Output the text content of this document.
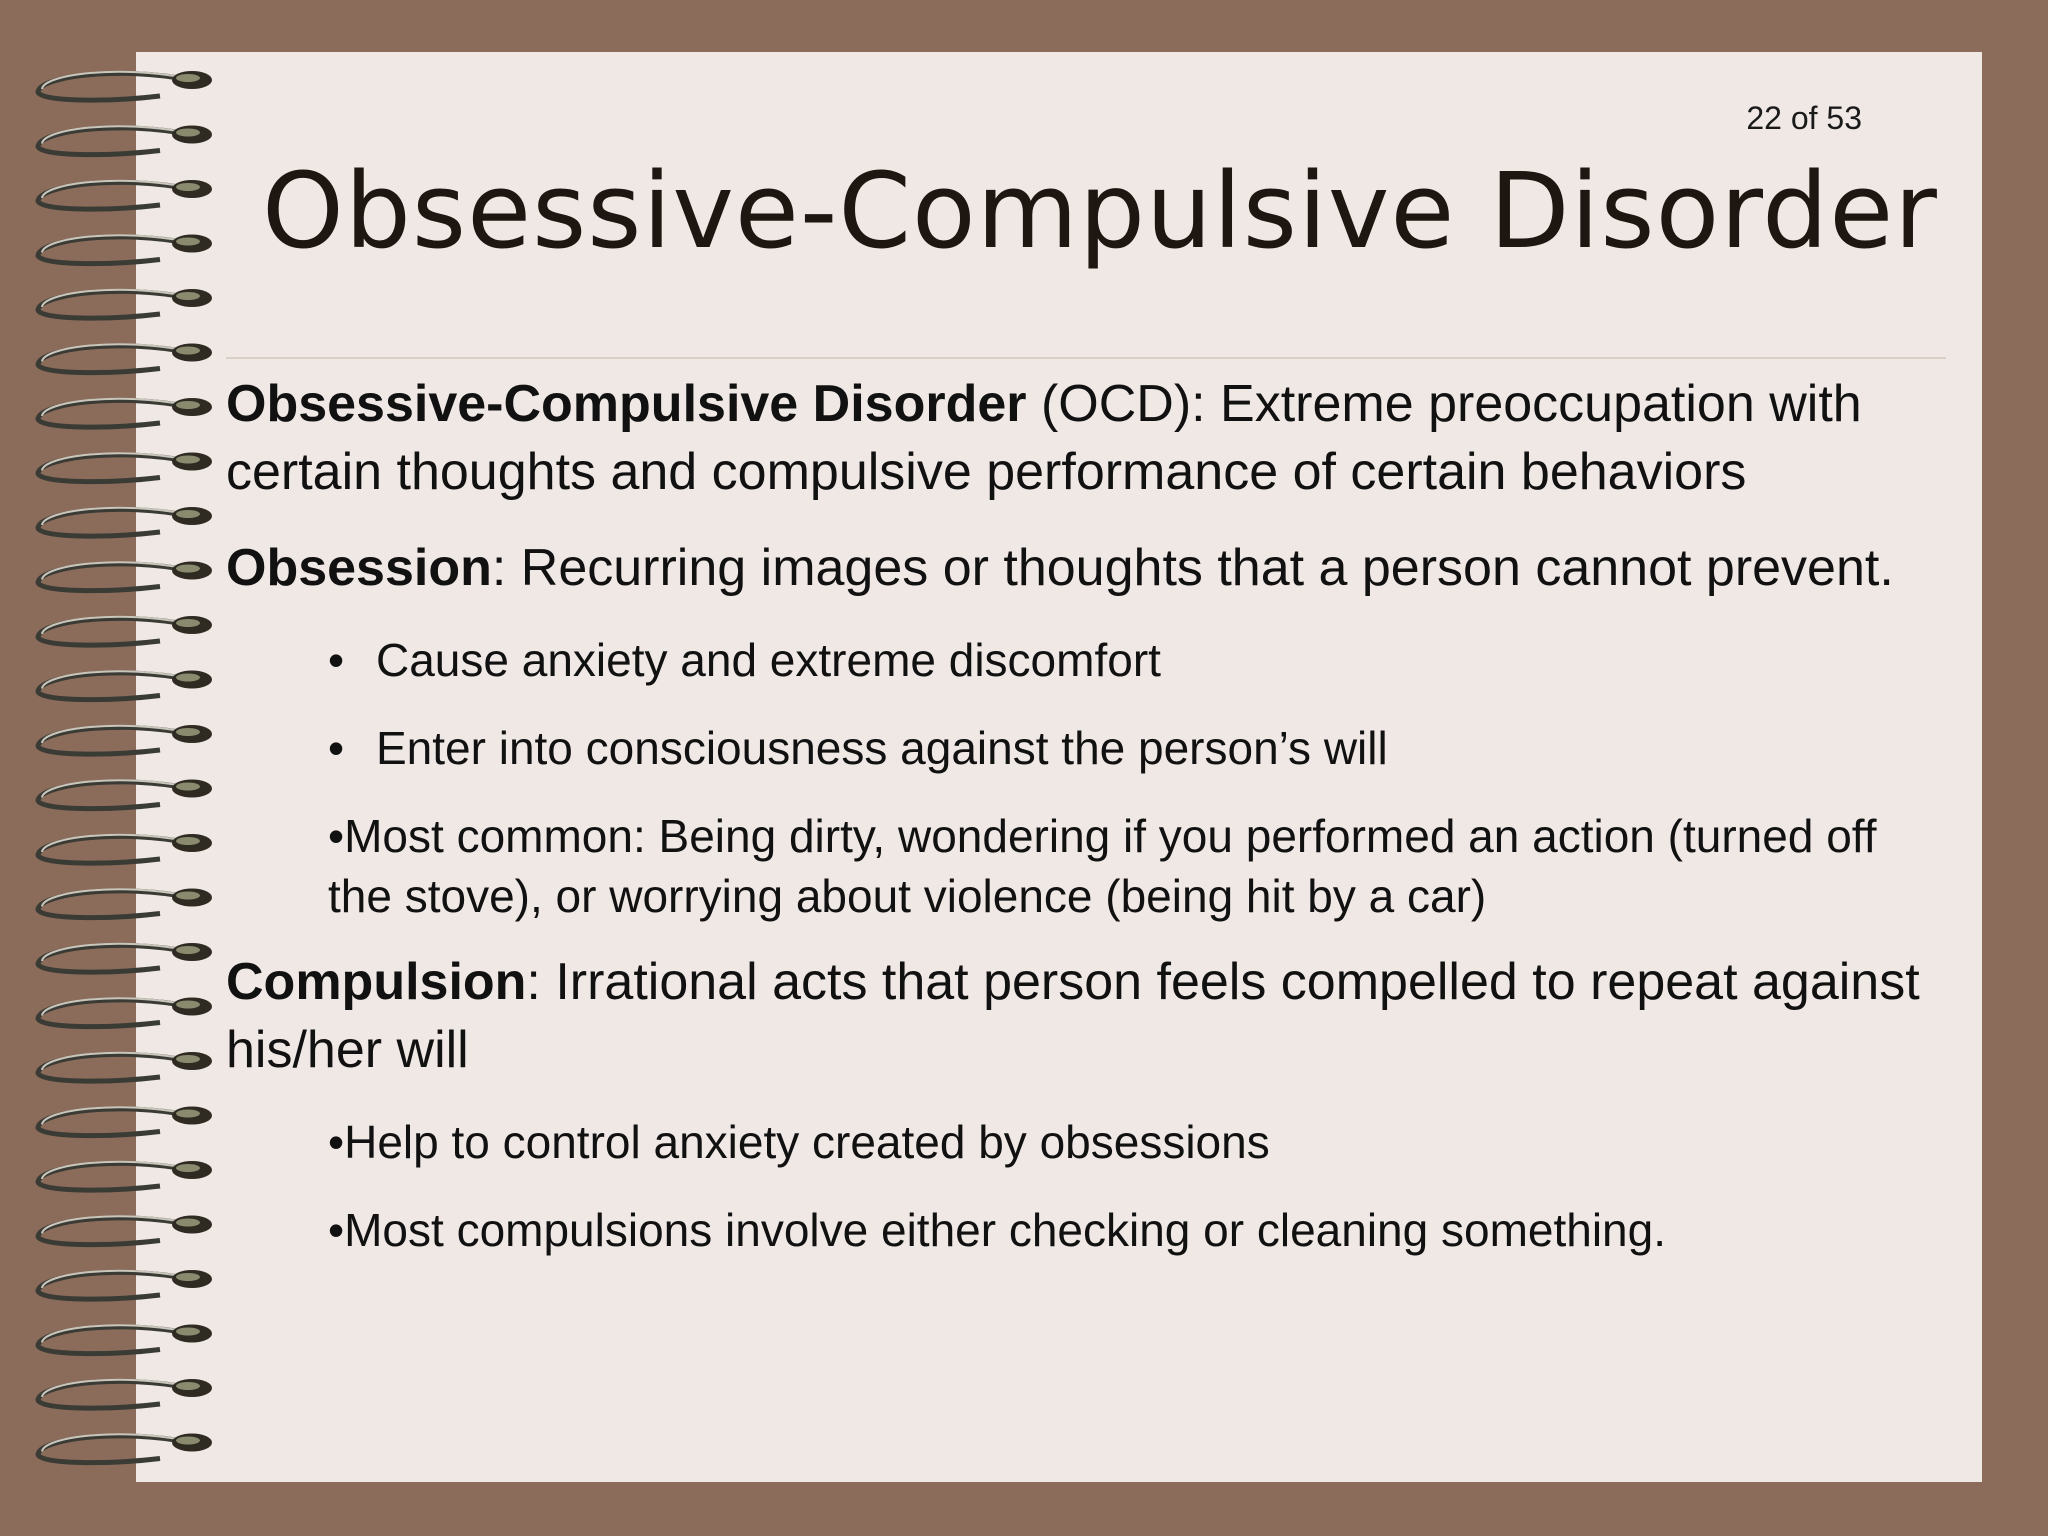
22 of 53
Obsessive-Compulsive Disorder

Obsessive-Compulsive Disorder (OCD): Extreme preoccupation with certain thoughts and compulsive performance of certain behaviors

Obsession: Recurring images or thoughts that a person cannot prevent.

• Cause anxiety and extreme discomfort

• Enter into consciousness against the person’s will

•Most common: Being dirty, wondering if you performed an action (turned off the stove), or worrying about violence (being hit by a car)

Compulsion: Irrational acts that person feels compelled to repeat against his/her will

•Help to control anxiety created by obsessions

•Most compulsions involve either checking or cleaning something.
